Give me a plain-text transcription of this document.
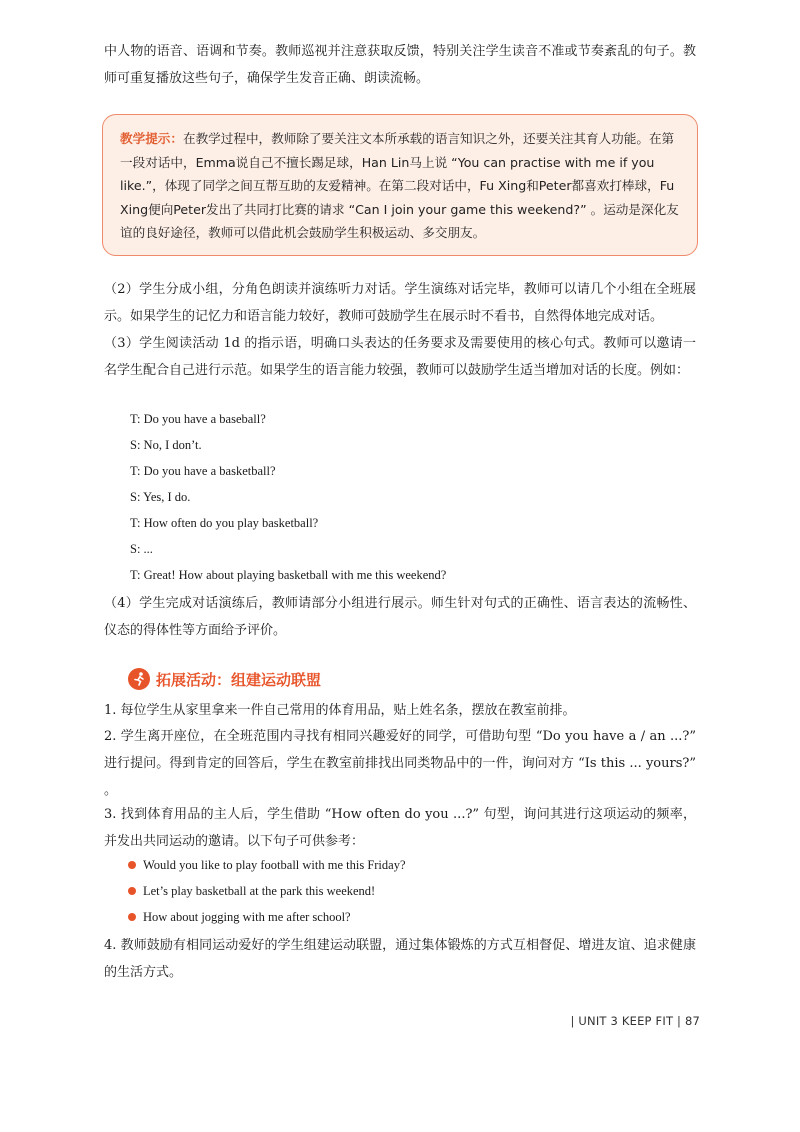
中人物的语音、语调和节奏。教师巡视并注意获取反馈，特别关注学生读音不准或节奏紊乱的句子。教师可重复播放这些句子，确保学生发音正确、朗读流畅。

教学提示：在教学过程中，教师除了要关注文本所承载的语言知识之外，还要关注其育人功能。在第一段对话中，Emma说自己不擅长踢足球，Han Lin马上说 “You can practise with me if you like.”，体现了同学之间互帮互助的友爱精神。在第二段对话中，Fu Xing和Peter都喜欢打棒球，Fu Xing便向Peter发出了共同打比赛的请求 “Can I join your game this weekend?” 。运动是深化友谊的良好途径，教师可以借此机会鼓励学生积极运动、多交朋友。

（2）学生分成小组，分角色朗读并演练听力对话。学生演练对话完毕，教师可以请几个小组在全班展示。如果学生的记忆力和语言能力较好，教师可鼓励学生在展示时不看书，自然得体地完成对话。

（3）学生阅读活动 1d 的指示语，明确口头表达的任务要求及需要使用的核心句式。教师可以邀请一名学生配合自己进行示范。如果学生的语言能力较强，教师可以鼓励学生适当增加对话的长度。例如：

T: Do you have a baseball?

S: No, I don’t.

T: Do you have a basketball?

S: Yes, I do.

T: How often do you play basketball?

S: ...

T: Great! How about playing basketball with me this weekend?

（4）学生完成对话演练后，教师请部分小组进行展示。师生针对句式的正确性、语言表达的流畅性、仪态的得体性等方面给予评价。

拓展活动：组建运动联盟

1. 每位学生从家里拿来一件自己常用的体育用品，贴上姓名条，摆放在教室前排。

2. 学生离开座位，在全班范围内寻找有相同兴趣爱好的同学，可借助句型 “Do you have a / an ...?” 进行提问。得到肯定的回答后，学生在教室前排找出同类物品中的一件，询问对方 “Is this ... yours?” 。

3. 找到体育用品的主人后，学生借助 “How often do you ...?” 句型，询问其进行这项运动的频率，并发出共同运动的邀请。以下句子可供参考：

Would you like to play football with me this Friday?
Let’s play basketball at the park this weekend!
How about jogging with me after school?

4. 教师鼓励有相同运动爱好的学生组建运动联盟，通过集体锻炼的方式互相督促、增进友谊、追求健康的生活方式。

| UNIT 3 KEEP FIT | 87
